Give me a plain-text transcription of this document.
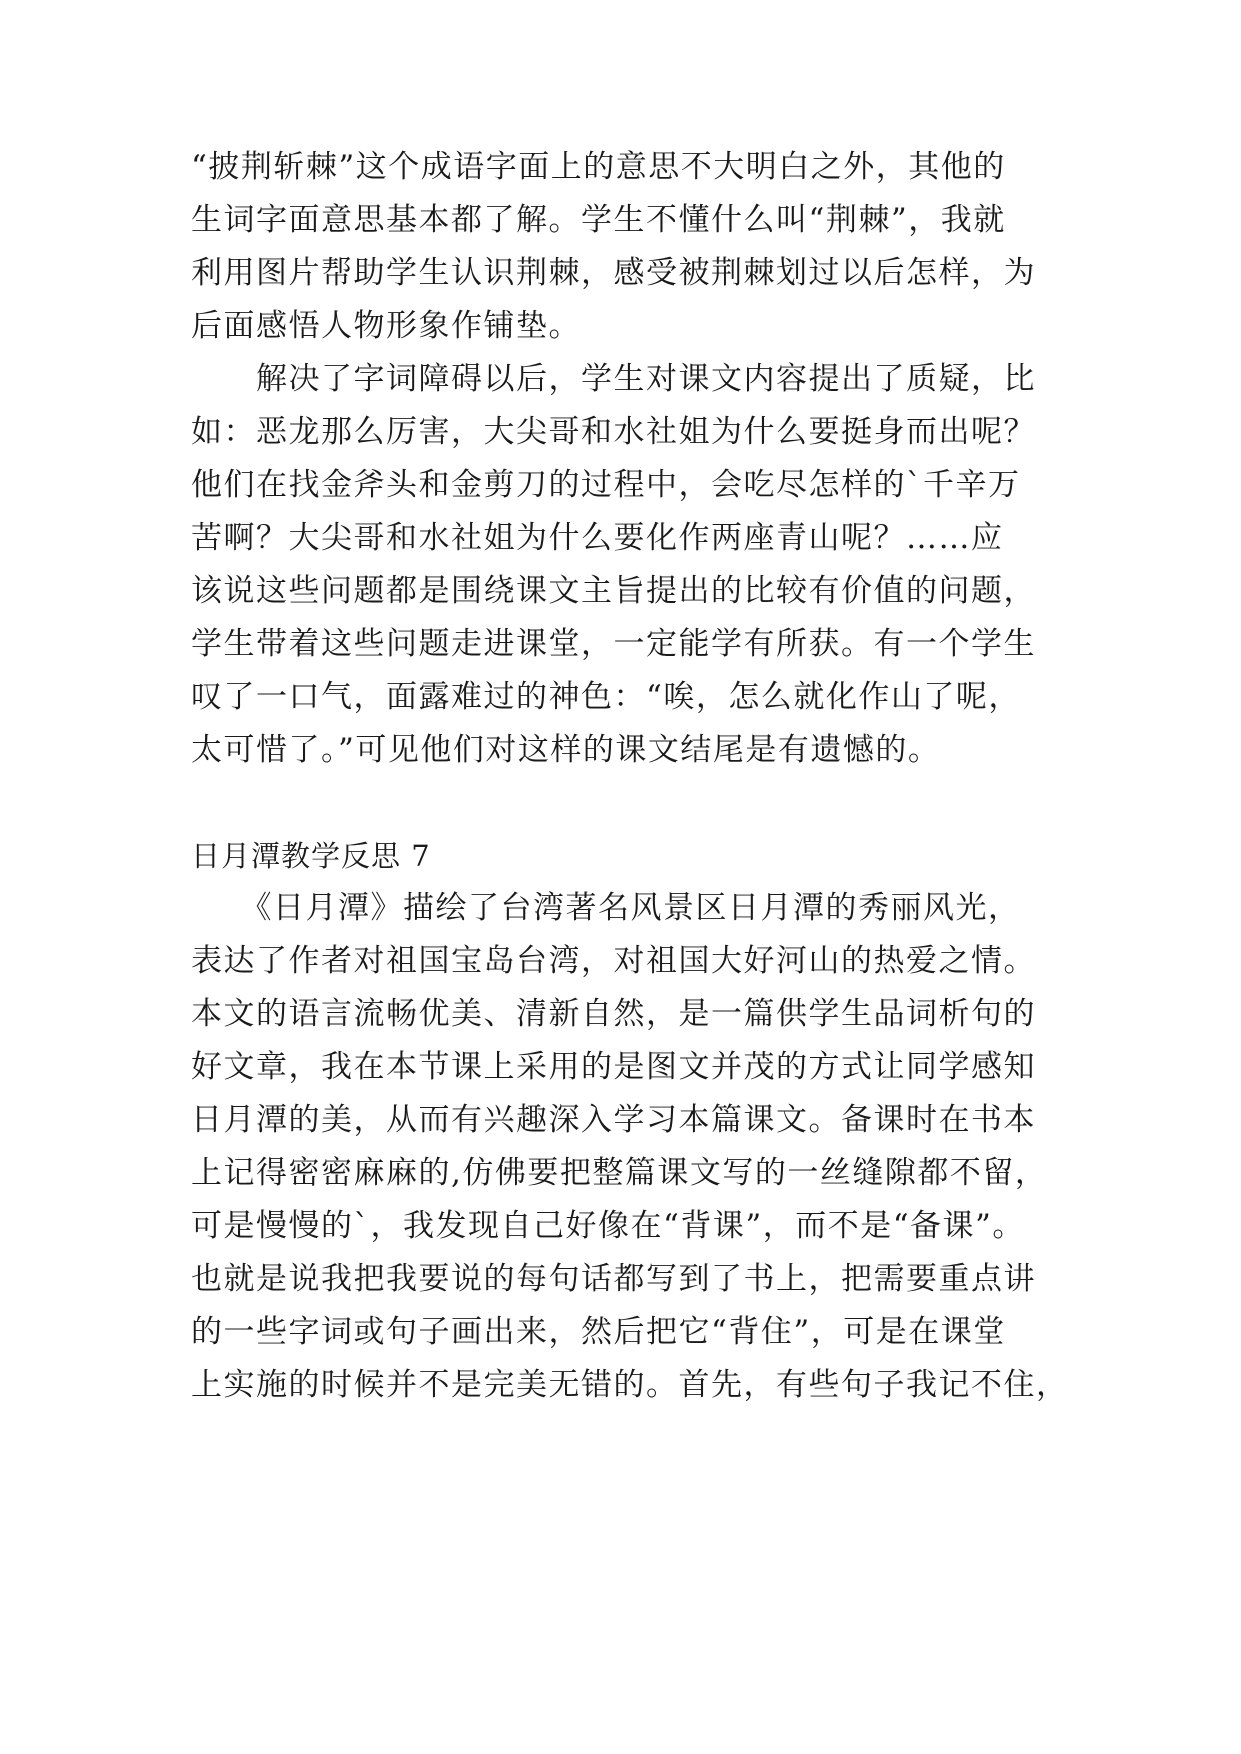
“披荆斩棘”这个成语字面上的意思不大明白之外，其他的
生词字面意思基本都了解。学生不懂什么叫“荆棘”，我就
利用图片帮助学生认识荆棘，感受被荆棘划过以后怎样，为
后面感悟人物形象作铺垫。
　　解决了字词障碍以后，学生对课文内容提出了质疑，比
如：恶龙那么厉害，大尖哥和水社姐为什么要挺身而出呢？
他们在找金斧头和金剪刀的过程中，会吃尽怎样的`千辛万
苦啊？大尖哥和水社姐为什么要化作两座青山呢？……应
该说这些问题都是围绕课文主旨提出的比较有价值的问题，
学生带着这些问题走进课堂，一定能学有所获。有一个学生
叹了一口气，面露难过的神色：“唉，怎么就化作山了呢，
太可惜了。”可见他们对这样的课文结尾是有遗憾的。
日月潭教学反思 7
　　《日月潭》描绘了台湾著名风景区日月潭的秀丽风光，
表达了作者对祖国宝岛台湾，对祖国大好河山的热爱之情。
本文的语言流畅优美、清新自然，是一篇供学生品词析句的
好文章，我在本节课上采用的是图文并茂的方式让同学感知
日月潭的美，从而有兴趣深入学习本篇课文。备课时在书本
上记得密密麻麻的,仿佛要把整篇课文写的一丝缝隙都不留，
可是慢慢的`，我发现自己好像在“背课”，而不是“备课”。
也就是说我把我要说的每句话都写到了书上，把需要重点讲
的一些字词或句子画出来，然后把它“背住”，可是在课堂
上实施的时候并不是完美无错的。首先，有些句子我记不住，
